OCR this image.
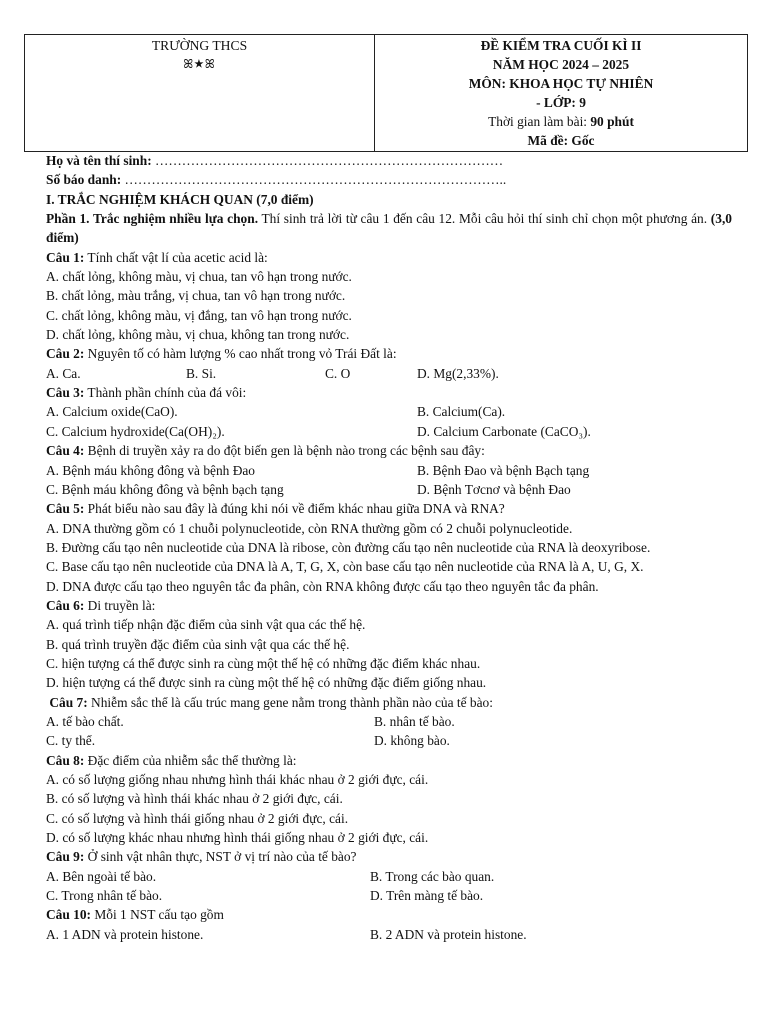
TRƯỜNG THCS
ꕤ★ꕤ
ĐỀ KIỂM TRA CUỐI KÌ II
NĂM HỌC 2024 – 2025
MÔN: KHOA HỌC TỰ NHIÊN
- LỚP: 9
Thời gian làm bài: 90 phút
Mã đề: Gốc
Họ và tên thí sinh: ……………………………………………………………………
Số báo danh: …………………………………………………………………………..
I. TRẮC NGHIỆM KHÁCH QUAN (7,0 điểm)
Phần 1. Trắc nghiệm nhiều lựa chọn. Thí sinh trả lời từ câu 1 đến câu 12. Mỗi câu hỏi thí sinh chỉ chọn một phương án. (3,0 điểm)
Câu 1: Tính chất vật lí của acetic acid là:
A. chất lỏng, không màu, vị chua, tan vô hạn trong nước.
B. chất lỏng, màu trắng, vị chua, tan vô hạn trong nước.
C. chất lỏng, không màu, vị đắng, tan vô hạn trong nước.
D. chất lỏng, không màu, vị chua, không tan trong nước.
Câu 2: Nguyên tố có hàm lượng % cao nhất trong vỏ Trái Đất là:
A. Ca.	B. Si.	C. O	D. Mg(2,33%).
Câu 3: Thành phần chính của đá vôi:
A. Calcium oxide(CaO).	B. Calcium(Ca).
C. Calcium hydroxide(Ca(OH)₂).	D. Calcium Carbonate (CaCO₃).
Câu 4: Bệnh di truyền xảy ra do đột biến gen là bệnh nào trong các bệnh sau đây:
A. Bệnh máu không đông và bệnh Đao	B. Bệnh Đao và bệnh Bạch tạng
C. Bệnh máu không đông và bệnh bạch tạng	D. Bệnh Tơcnơ và bệnh Đao
Câu 5: Phát biểu nào sau đây là đúng khi nói về điểm khác nhau giữa DNA và RNA?
A. DNA thường gồm có 1 chuỗi polynucleotide, còn RNA thường gồm có 2 chuỗi polynucleotide.
B. Đường cấu tạo nên nucleotide của DNA là ribose, còn đường cấu tạo nên nucleotide của RNA là deoxyribose.
C. Base cấu tạo nên nucleotide của DNA là A, T, G, X, còn base cấu tạo nên nucleotide của RNA là A, U, G, X.
D. DNA được cấu tạo theo nguyên tắc đa phân, còn RNA không được cấu tạo theo nguyên tắc đa phân.
Câu 6: Di truyền là:
A. quá trình tiếp nhận đặc điểm của sinh vật qua các thế hệ.
B. quá trình truyền đặc điểm của sinh vật qua các thế hệ.
C. hiện tượng cá thể được sinh ra cùng một thế hệ có những đặc điểm khác nhau.
D. hiện tượng cá thể được sinh ra cùng một thế hệ có những đặc điểm giống nhau.
Câu 7: Nhiễm sắc thể là cấu trúc mang gene nằm trong thành phần nào của tế bào:
A. tế bào chất.	B. nhân tế bào.
C. ty thể.	D. không bào.
Câu 8: Đặc điểm của nhiễm sắc thể thường là:
A. có số lượng giống nhau nhưng hình thái khác nhau ở 2 giới đực, cái.
B. có số lượng và hình thái khác nhau ở 2 giới đực, cái.
C. có số lượng và hình thái giống nhau ở 2 giới đực, cái.
D. có số lượng khác nhau nhưng hình thái giống nhau ở 2 giới đực, cái.
Câu 9: Ở sinh vật nhân thực, NST ở vị trí nào của tế bào?
A. Bên ngoài tế bào.	B. Trong các bào quan.
C. Trong nhân tế bào.	D. Trên màng tế bào.
Câu 10: Mỗi 1 NST cấu tạo gồm
A. 1 ADN và protein histone.	B. 2 ADN và protein histone.
